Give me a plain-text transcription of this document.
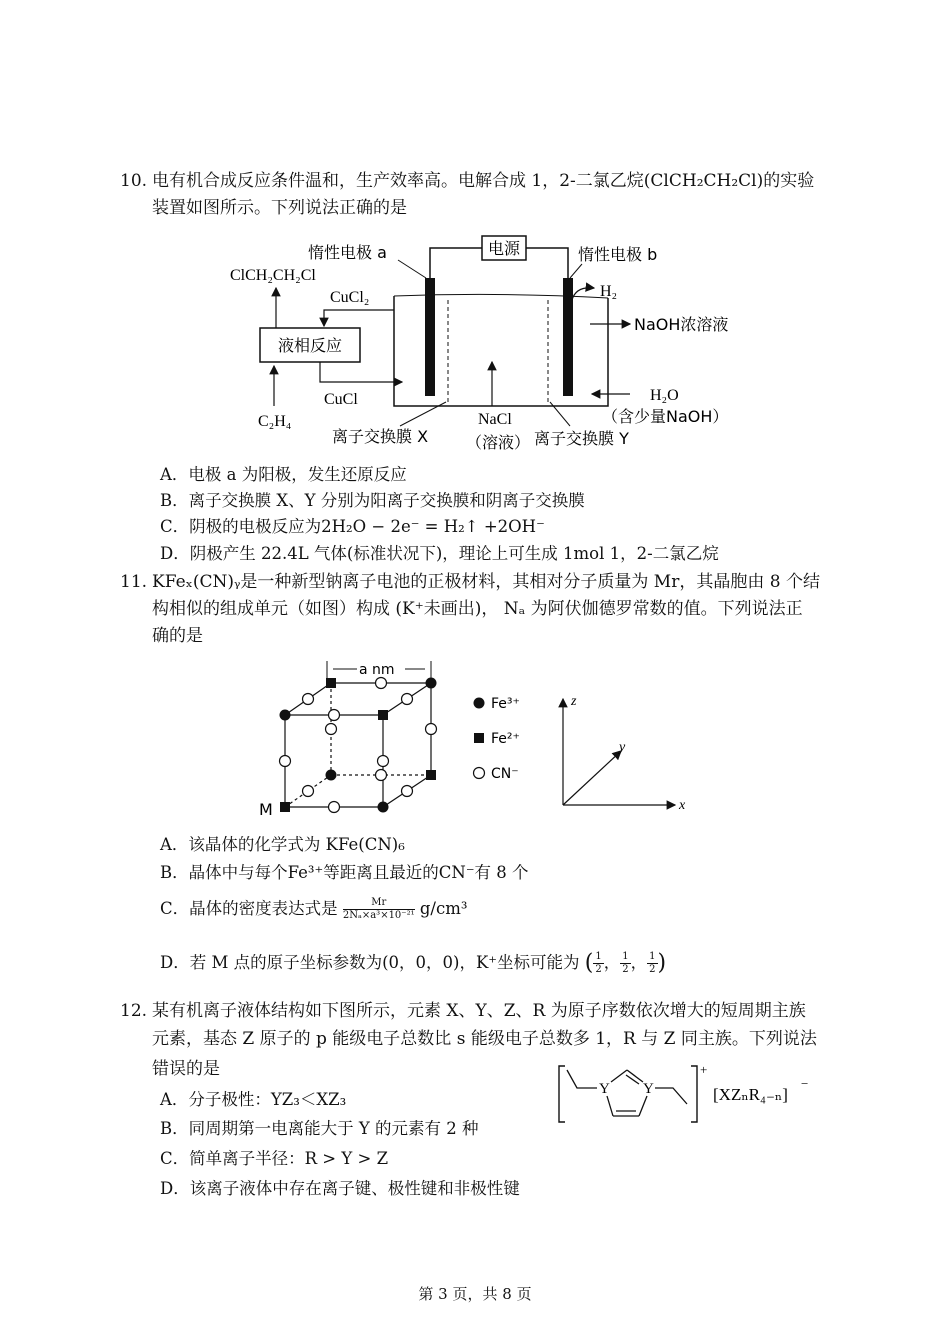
10. 电有机合成反应条件温和，生产效率高。电解合成 1，2-二氯乙烷(ClCH₂CH₂Cl)的实验
装置如图所示。下列说法正确的是
电源
惰性电极 a	惰性电极 b
液相反应
ClCH₂CH₂Cl
CuCl₂
CuCl
C₂H₄
H₂
NaOH浓溶液
H₂O
（含少量NaOH）
NaCl
（溶液）
离子交换膜 X	离子交换膜 Y
A．电极 a 为阳极，发生还原反应
B．离子交换膜 X、Y 分别为阳离子交换膜和阴离子交换膜
C．阴极的电极反应为2H₂O − 2e⁻ = H₂↑ +2OH⁻
D．阴极产生 22.4L 气体(标准状况下)，理论上可生成 1mol 1，2-二氯乙烷
11. KFeₓ(CN)ᵧ是一种新型钠离子电池的正极材料，其相对分子质量为 Mr，其晶胞由 8 个结
构相似的组成单元（如图）构成 (K⁺未画出)， Nₐ 为阿伏伽德罗常数的值。下列说法正
确的是
a nm
M
Fe³⁺
Fe²⁺
CN⁻
z
x
y
A．该晶体的化学式为 KFe(CN)₆
B．晶体中与每个Fe³⁺等距离且最近的CN⁻有 8 个
C．晶体的密度表达式是 $\frac{Mr}{\text{2Nₐ×a³×10⁻²¹}} g/cm^3$
D．若 M 点的原子坐标参数为(0，0，0)，K⁺坐标可能为 ( $\frac{1}{2}$ ， $\frac{1}{2}$ ， $\frac{1}{2}$ )
12. 某有机离子液体结构如下图所示，元素 X、Y、Z、R 为原子序数依次增大的短周期主族
元素，基态 Z 原子的 p 能级电子总数比 s 能级电子总数多 1，R 与 Z 同主族。下列说法
错误的是
Y Y
+
[XZₙR₄₋ₙ]
−
A．分子极性：YZ₃＜XZ₃
B．同周期第一电离能大于 Y 的元素有 2 种
C．简单离子半径：R > Y > Z
D．该离子液体中存在离子键、极性键和非极性键
第 3 页，共 8 页
